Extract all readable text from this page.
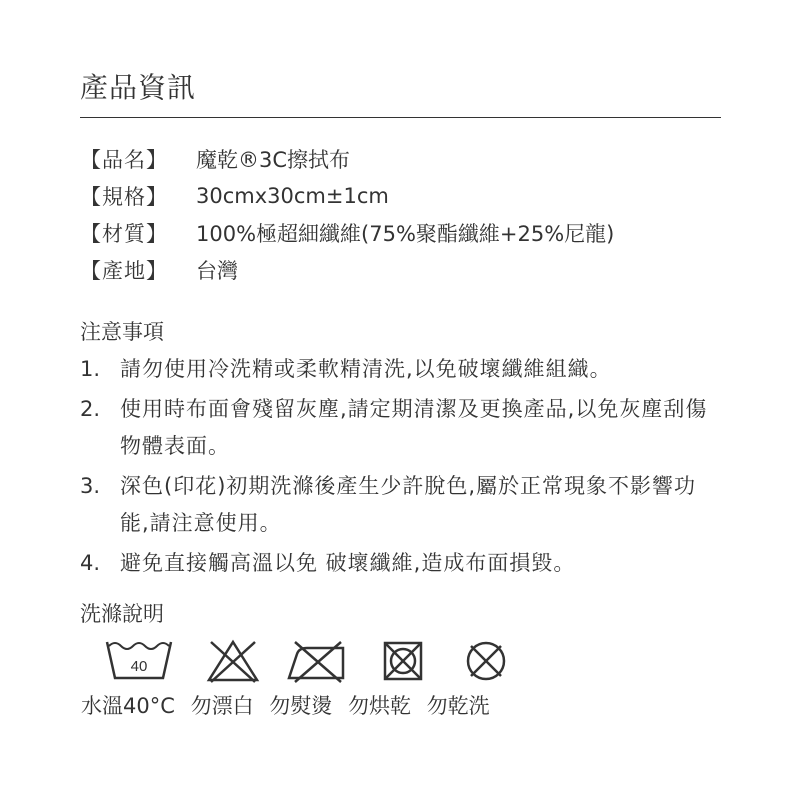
產品資訊
【品名】	魔乾®3C擦拭布
【規格】	30cmx30cm±1cm
【材質】	100%極超細纖維(75%聚酯纖維+25%尼龍)
【產地】	台灣
注意事項
1. 請勿使用冷洗精或柔軟精清洗,以免破壞纖維組織。
2. 使用時布面會殘留灰塵,請定期清潔及更換產品,以免灰塵刮傷物體表面。
3. 深色(印花)初期洗滌後產生少許脫色,屬於正常現象不影響功能,請注意使用。
4. 避免直接觸高溫以免 破壞纖維,造成布面損毀。
洗滌說明
40
水溫40°C 勿漂白 勿熨燙 勿烘乾 勿乾洗
